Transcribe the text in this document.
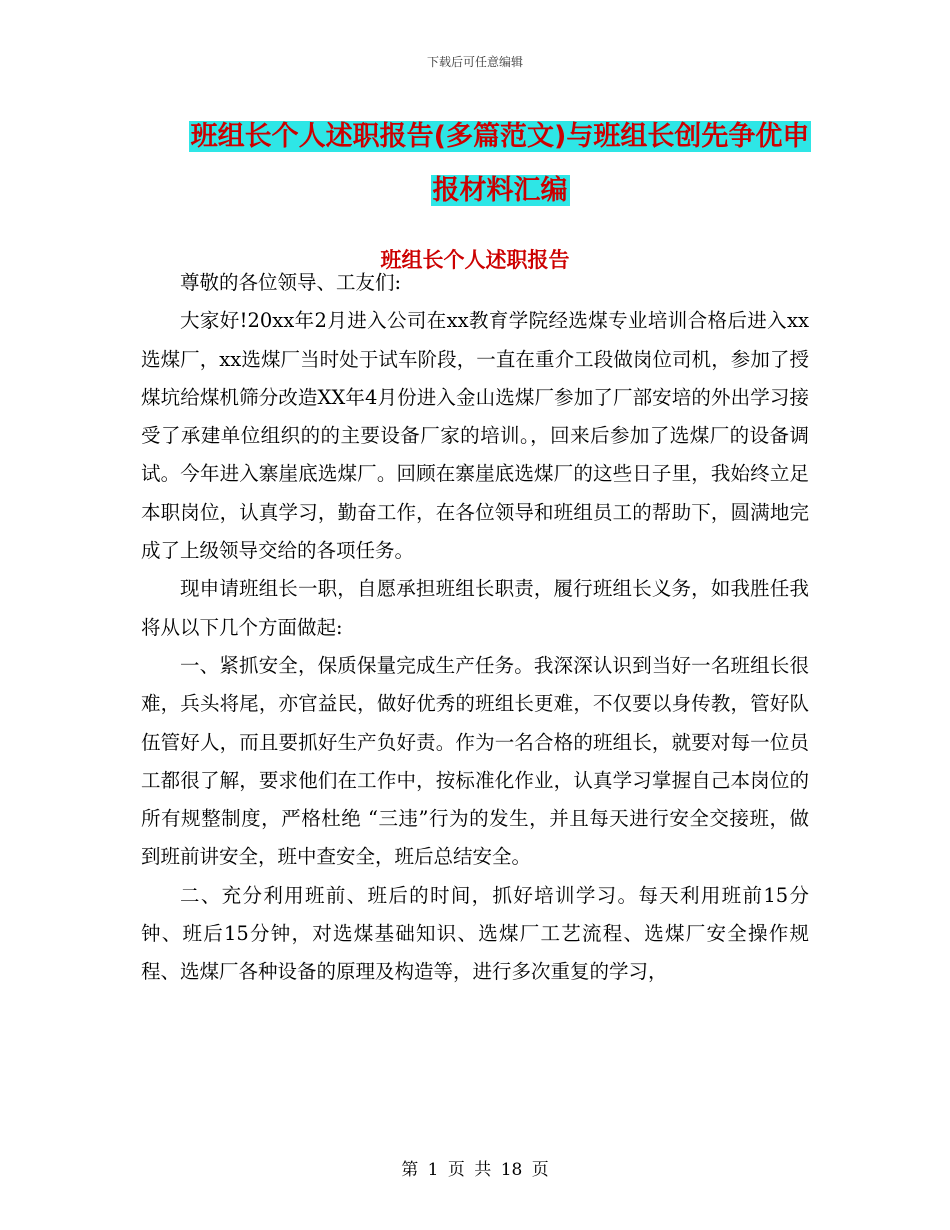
下载后可任意编辑
班组长个人述职报告(多篇范文)与班组长创先争优申
报材料汇编
班组长个人述职报告

尊敬的各位领导、工友们:

大家好!20xx年2月进入公司在xx教育学院经选煤专业培训合格后进入xx选煤厂，xx选煤厂当时处于试车阶段，一直在重介工段做岗位司机，参加了授煤坑给煤机筛分改造XX年4月份进入金山选煤厂参加了厂部安培的外出学习接受了承建单位组织的的主要设备厂家的培训。，回来后参加了选煤厂的设备调试。今年进入寨崖底选煤厂。回顾在寨崖底选煤厂的这些日子里，我始终立足本职岗位，认真学习，勤奋工作，在各位领导和班组员工的帮助下，圆满地完成了上级领导交给的各项任务。

现申请班组长一职，自愿承担班组长职责，履行班组长义务，如我胜任我将从以下几个方面做起:

一、紧抓安全，保质保量完成生产任务。我深深认识到当好一名班组长很难，兵头将尾，亦官益民，做好优秀的班组长更难，不仅要以身传教，管好队伍管好人，而且要抓好生产负好责。作为一名合格的班组长，就要对每一位员工都很了解，要求他们在工作中，按标准化作业，认真学习掌握自己本岗位的所有规整制度，严格杜绝 “三违”行为的发生，并且每天进行安全交接班，做到班前讲安全，班中查安全，班后总结安全。

二、充分利用班前、班后的时间，抓好培训学习。每天利用班前15分钟、班后15分钟，对选煤基础知识、选煤厂工艺流程、选煤厂安全操作规程、选煤厂各种设备的原理及构造等，进行多次重复的学习，

第 1 页 共 18 页
